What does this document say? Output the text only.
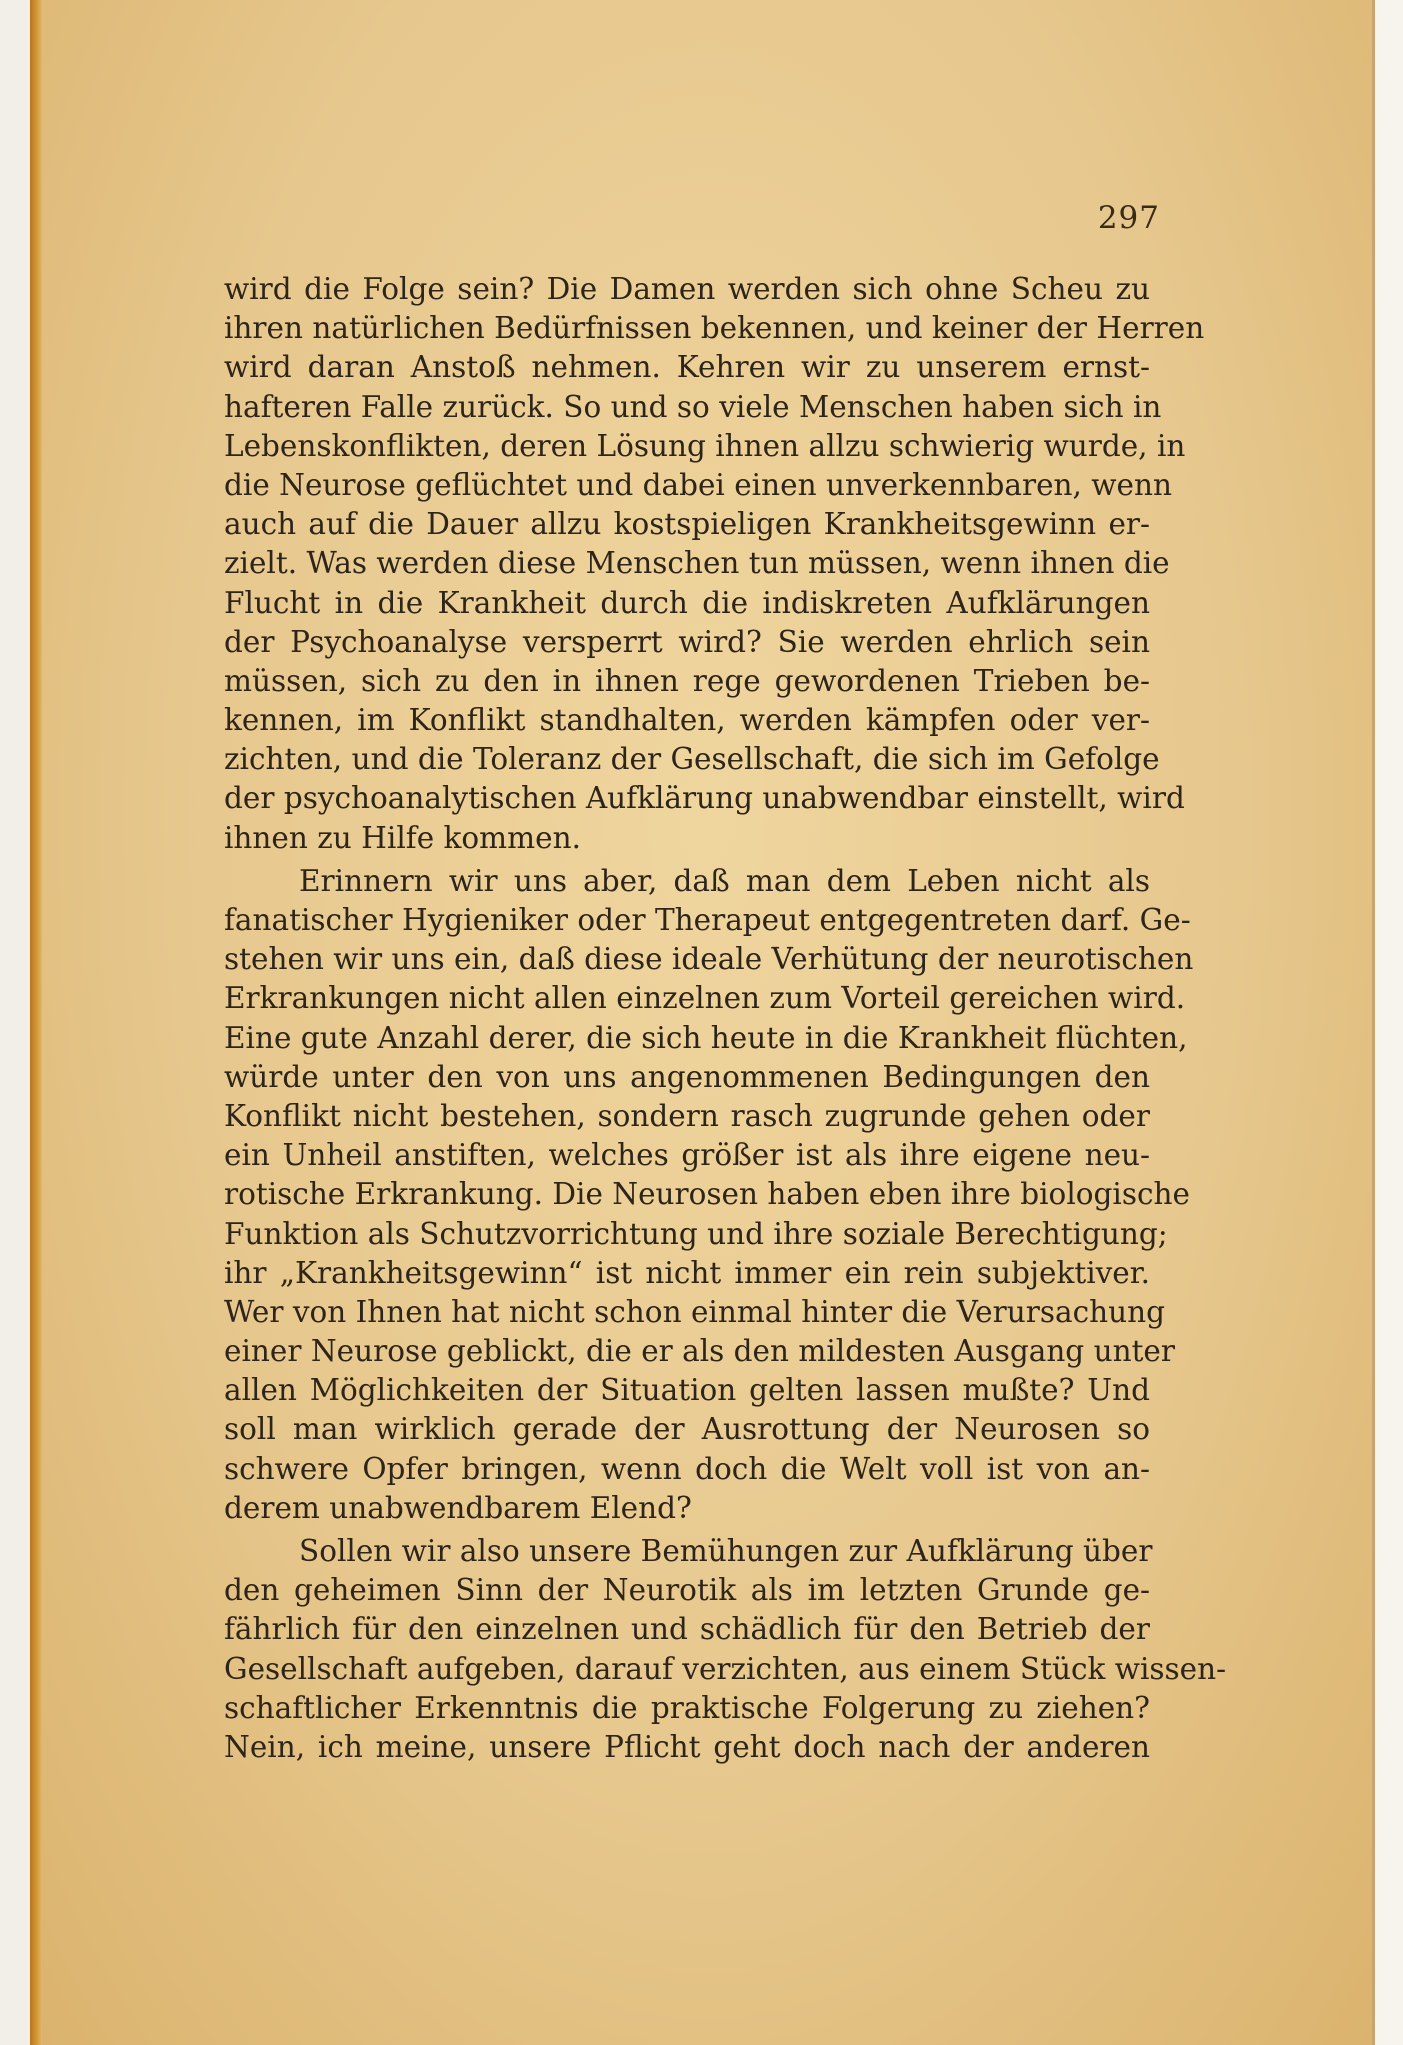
297
wird die Folge sein? Die Damen werden sich ohne Scheu zu
ihren natürlichen Bedürfnissen bekennen, und keiner der Herren
wird daran Anstoß nehmen. Kehren wir zu unserem ernst-
hafteren Falle zurück. So und so viele Menschen haben sich in
Lebenskonflikten, deren Lösung ihnen allzu schwierig wurde, in
die Neurose geflüchtet und dabei einen unverkennbaren, wenn
auch auf die Dauer allzu kostspieligen Krankheitsgewinn er-
zielt. Was werden diese Menschen tun müssen, wenn ihnen die
Flucht in die Krankheit durch die indiskreten Aufklärungen
der Psychoanalyse versperrt wird? Sie werden ehrlich sein
müssen, sich zu den in ihnen rege gewordenen Trieben be-
kennen, im Konflikt standhalten, werden kämpfen oder ver-
zichten, und die Toleranz der Gesellschaft, die sich im Gefolge
der psychoanalytischen Aufklärung unabwendbar einstellt, wird
ihnen zu Hilfe kommen.
Erinnern wir uns aber, daß man dem Leben nicht als
fanatischer Hygieniker oder Therapeut entgegentreten darf. Ge-
stehen wir uns ein, daß diese ideale Verhütung der neurotischen
Erkrankungen nicht allen einzelnen zum Vorteil gereichen wird.
Eine gute Anzahl derer, die sich heute in die Krankheit flüchten,
würde unter den von uns angenommenen Bedingungen den
Konflikt nicht bestehen, sondern rasch zugrunde gehen oder
ein Unheil anstiften, welches größer ist als ihre eigene neu-
rotische Erkrankung. Die Neurosen haben eben ihre biologische
Funktion als Schutzvorrichtung und ihre soziale Berechtigung;
ihr „Krankheitsgewinn“ ist nicht immer ein rein subjektiver.
Wer von Ihnen hat nicht schon einmal hinter die Verursachung
einer Neurose geblickt, die er als den mildesten Ausgang unter
allen Möglichkeiten der Situation gelten lassen mußte? Und
soll man wirklich gerade der Ausrottung der Neurosen so
schwere Opfer bringen, wenn doch die Welt voll ist von an-
derem unabwendbarem Elend?
Sollen wir also unsere Bemühungen zur Aufklärung über
den geheimen Sinn der Neurotik als im letzten Grunde ge-
fährlich für den einzelnen und schädlich für den Betrieb der
Gesellschaft aufgeben, darauf verzichten, aus einem Stück wissen-
schaftlicher Erkenntnis die praktische Folgerung zu ziehen?
Nein, ich meine, unsere Pflicht geht doch nach der anderen
